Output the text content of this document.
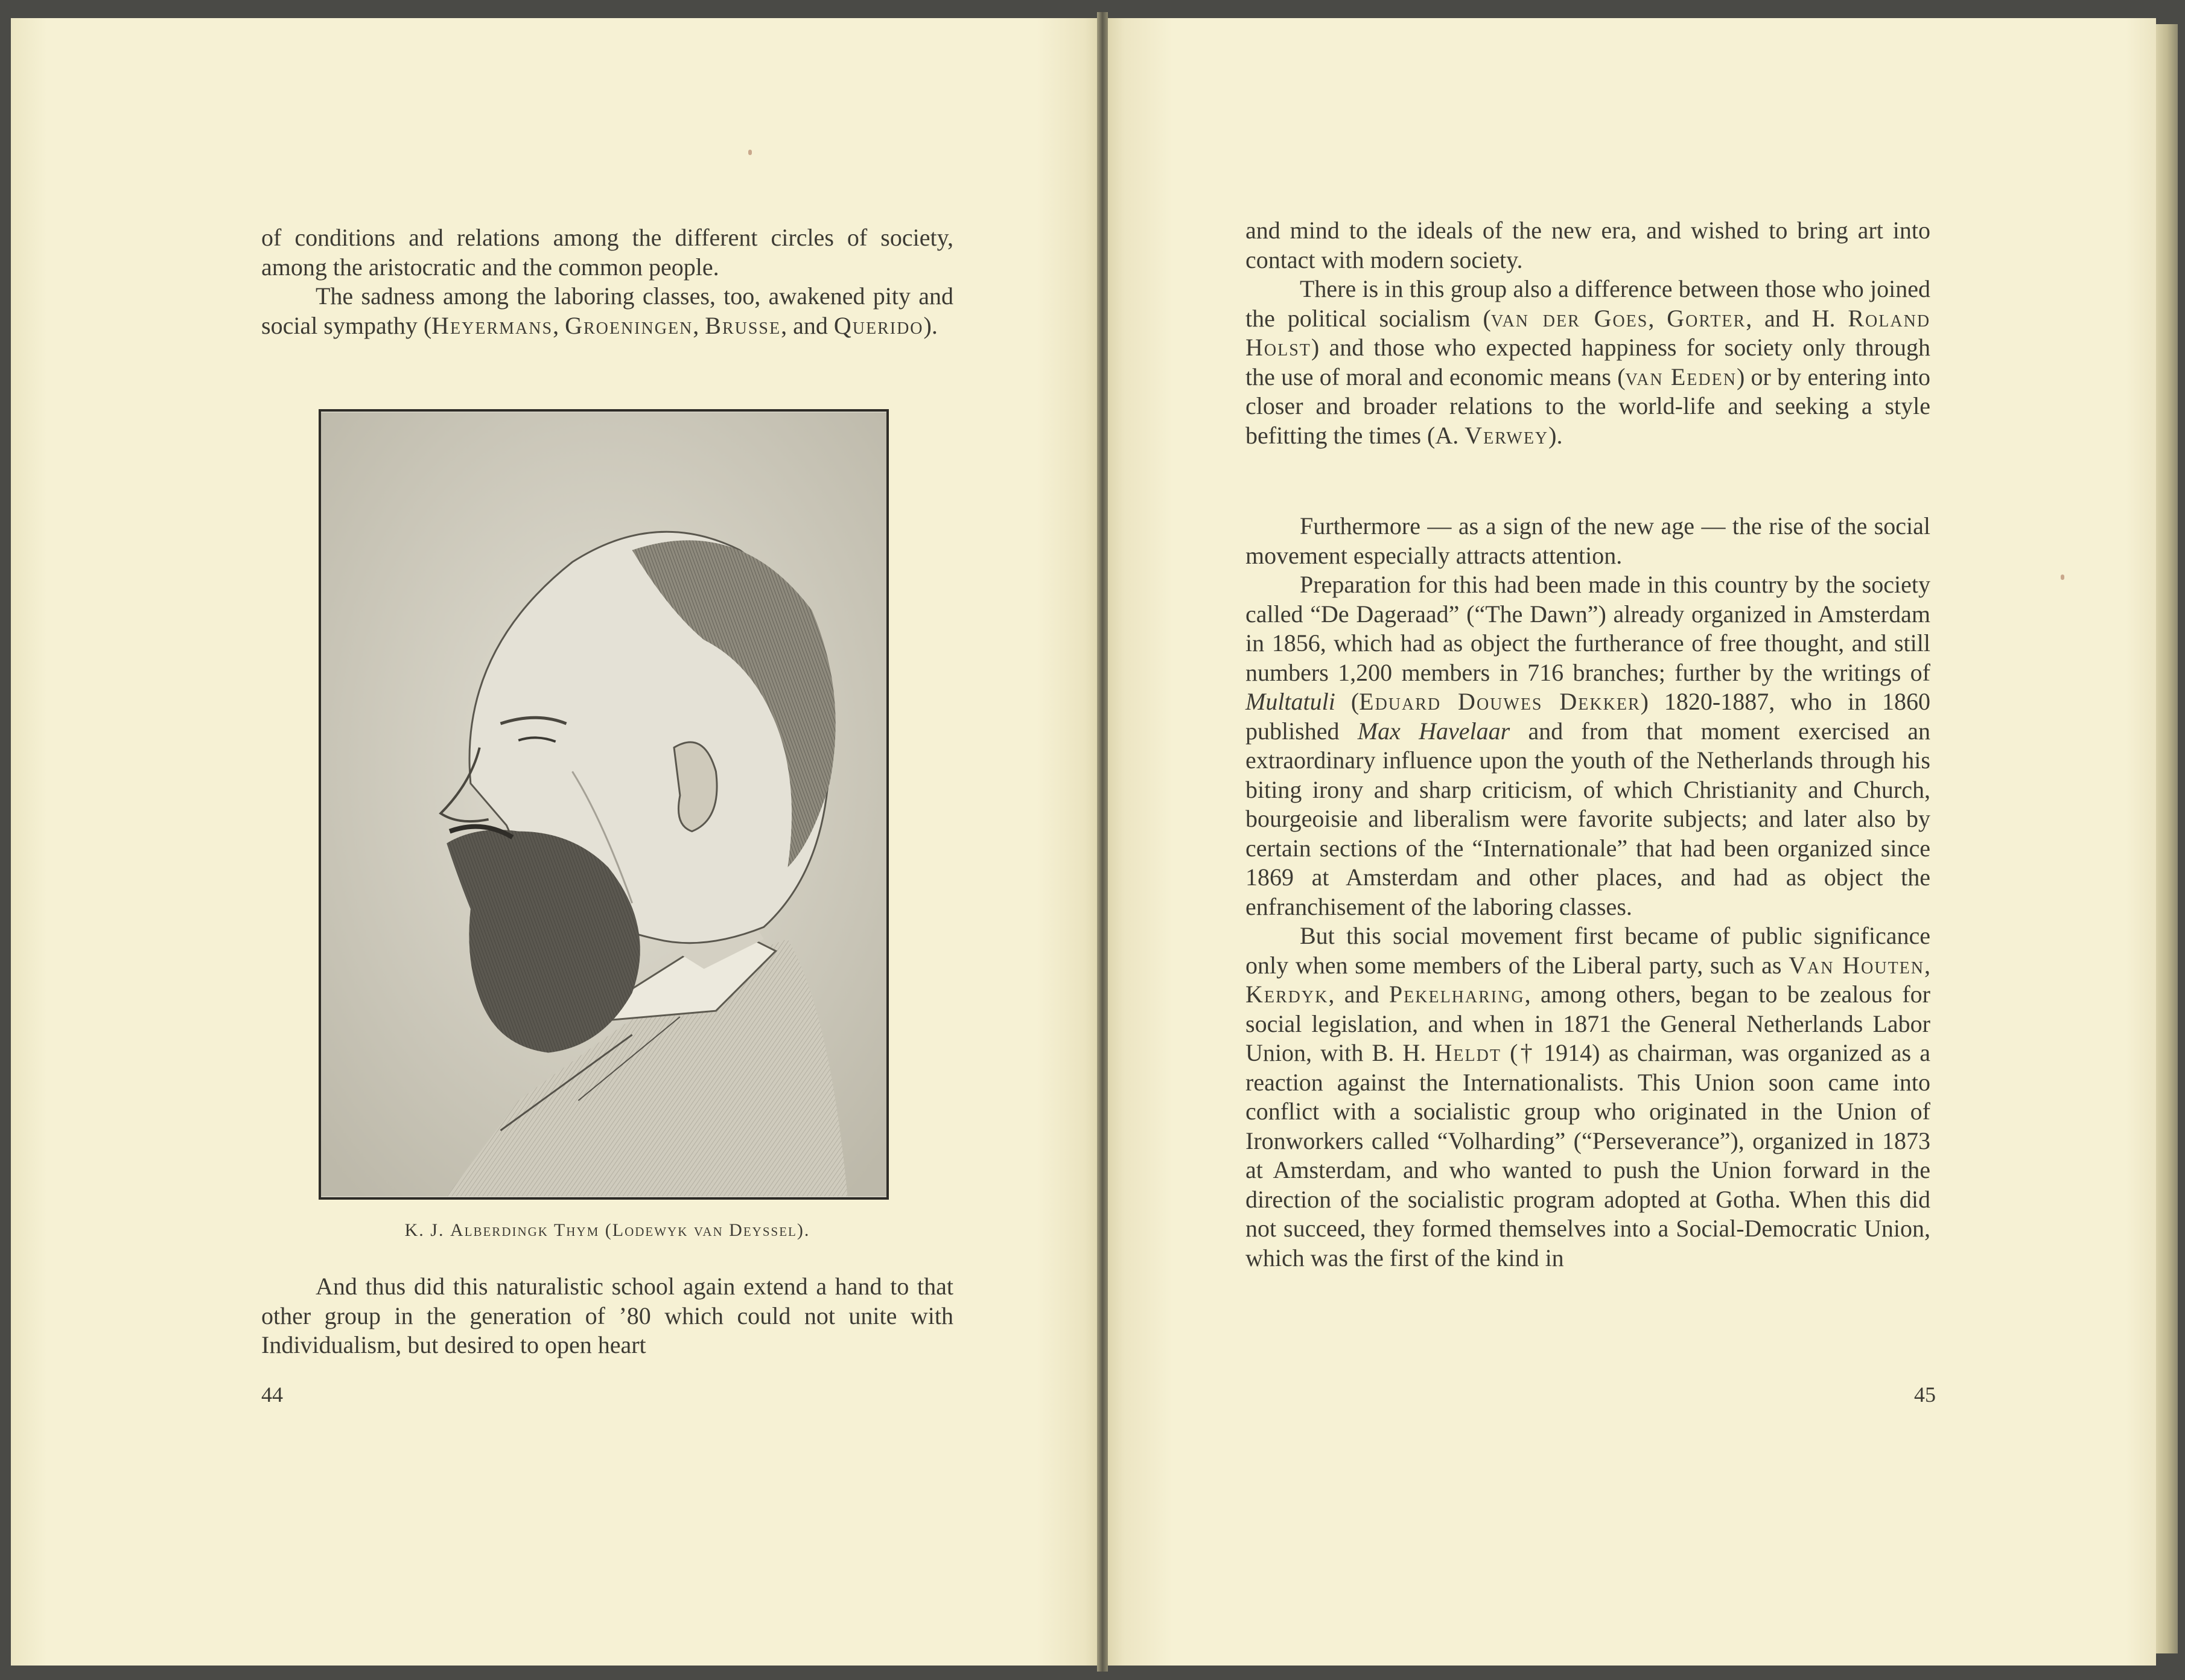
of conditions and relations among the different circles of society, among the aristocratic and the common people.

The sadness among the laboring classes, too, awakened pity and social sympathy (Heyermans, Groeningen, Brusse, and Querido).

K. J. Alberdingk Thym (Lodewyk van Deyssel).

And thus did this naturalistic school again extend a hand to that other group in the generation of ’80 which could not unite with Individualism, but desired to open heart

44

and mind to the ideals of the new era, and wished to bring art into contact with modern society.

There is in this group also a difference between those who joined the political socialism (van der Goes, Gorter, and H. Roland Holst) and those who expected happiness for society only through the use of moral and economic means (van Eeden) or by entering into closer and broader relations to the world-life and seeking a style befitting the times (A. Verwey).

Furthermore — as a sign of the new age — the rise of the social movement especially attracts attention.

Preparation for this had been made in this country by the society called “De Dageraad” (“The Dawn”) already organized in Amsterdam in 1856, which had as object the furtherance of free thought, and still numbers 1,200 members in 716 branches; further by the writings of Multatuli (Eduard Douwes Dekker) 1820-1887, who in 1860 published Max Havelaar and from that moment exercised an extraordinary influence upon the youth of the Netherlands through his biting irony and sharp criticism, of which Christianity and Church, bourgeoisie and liberalism were favorite subjects; and later also by certain sections of the “Internationale” that had been organized since 1869 at Amsterdam and other places, and had as object the enfranchisement of the laboring classes.

But this social movement first became of public significance only when some members of the Liberal party, such as Van Houten, Kerdyk, and Pekelharing, among others, began to be zealous for social legislation, and when in 1871 the General Netherlands Labor Union, with B. H. Heldt († 1914) as chairman, was organized as a reaction against the Internationalists. This Union soon came into conflict with a socialistic group who originated in the Union of Ironworkers called “Volharding” (“Perseverance”), organized in 1873 at Amsterdam, and who wanted to push the Union forward in the direction of the socialistic program adopted at Gotha. When this did not succeed, they formed themselves into a Social-Democratic Union, which was the first of the kind in

45
